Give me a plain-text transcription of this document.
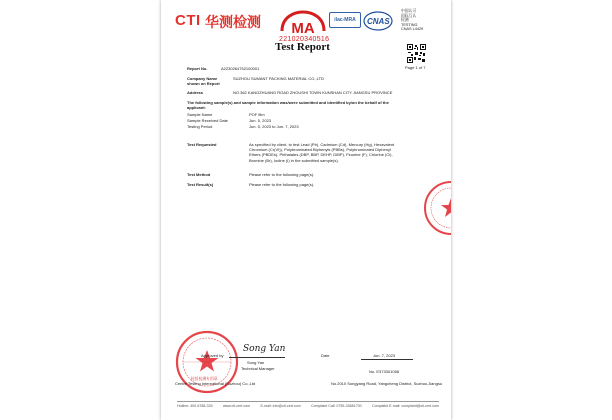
CTI 华测检测 MA
221020340516
Test Report
ilac-MRA	CNAS
中国认可
国际互认
检测
TESTING
CNAS L4429
Page 1 of 7
Report No.	A2230264752100001
Company Name
shown on Report
SUZHOU SUMANT PACKING MATERIAL CO.,LTD
Address	NO.362 KANGZHUANG ROAD ZHOUSHI TOWN KUNSHAN CITY JIANGSU PROVINCE
The following sample(s) and sample information was/were submitted and identified by/on the behalf of the
applicant:
Sample Name	POF film
Sample Received Date	Jun. 5, 2023
Testing Period	Jun. 5, 2023 to Jun. 7, 2023
Test Requested	As specified by client, to test Lead (Pb), Cadmium (Cd), Mercury (Hg), Hexavalent
Chromium (Cr(VI)), Polybrominated Biphenyls (PBBs), Polybrominated Diphenyl
Ethers (PBDEs), Phthalates (DBP, BBP, DEHP, DIBP), Fluorine (F), Chlorine (Cl),
Bromine (Br), Iodine (I) in the submitted sample(s).
Test Method	Please refer to the following page(s).
Test Result(s)	Please refer to the following page(s).
检验检测专用章
Approved by
Song Yan
Song Yan
Technical Manager
Centre Testing International (Suzhou) Co.,Ltd
Date	Jun. 7, 2023
No. E373301058
No.2010 Songyang Road, Yangcheng District, Suzhou,Jiangsu
Hotline: 400-6788-333	www.cti-cert.com	E-mail: info@cti-cert.com	Complaint Call: 0755-33681700	Complaint E-mail: complaint@cti-cert.com
